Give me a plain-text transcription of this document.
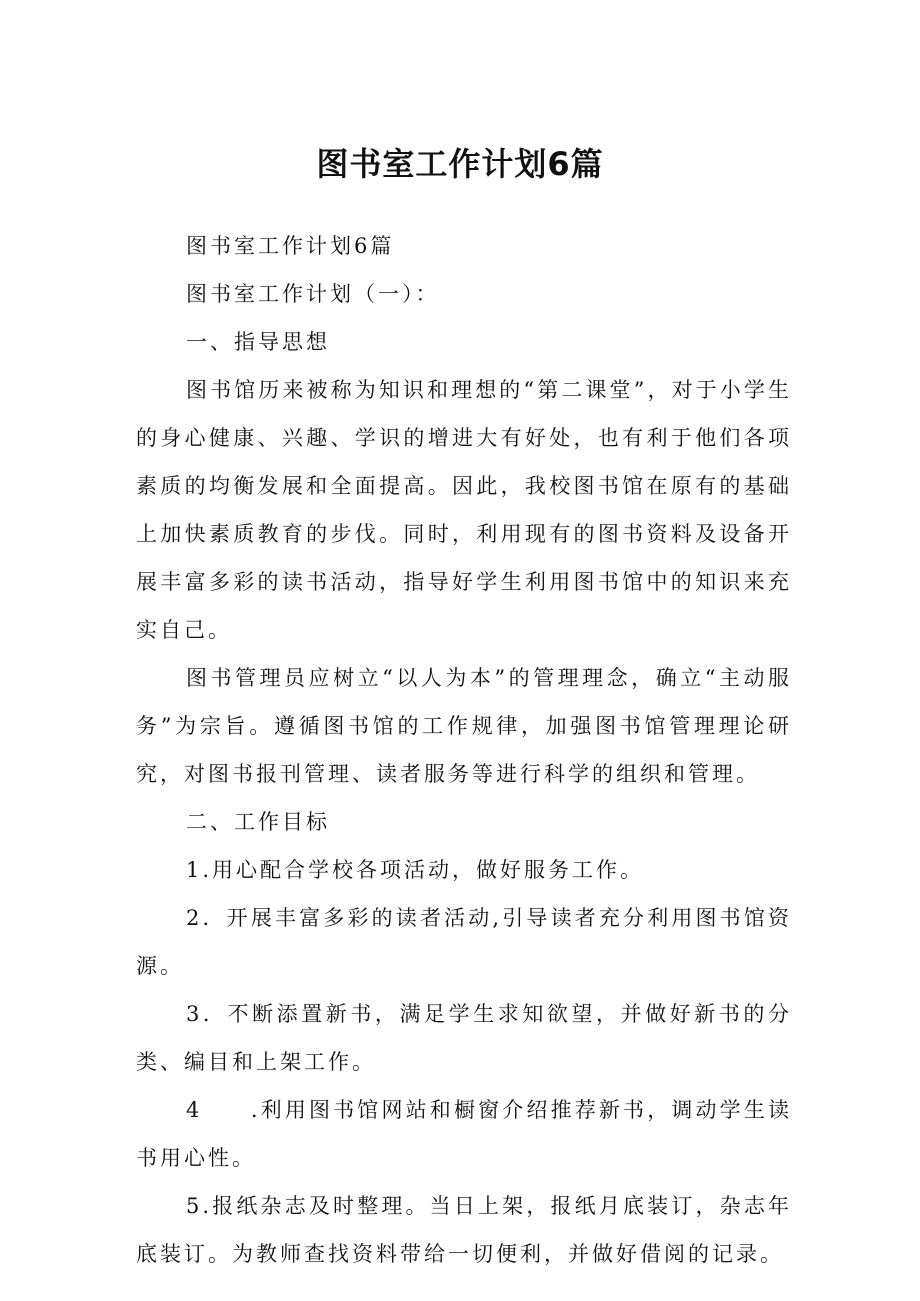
图书室工作计划6篇

图书室工作计划6篇

图书室工作计划（一）：

一、指导思想

图书馆历来被称为知识和理想的“第二课堂”，对于小学生的身心健康、兴趣、学识的增进大有好处，也有利于他们各项素质的均衡发展和全面提高。因此，我校图书馆在原有的基础上加快素质教育的步伐。同时，利用现有的图书资料及设备开展丰富多彩的读书活动，指导好学生利用图书馆中的知识来充实自己。

图书管理员应树立“以人为本”的管理理念，确立“主动服务”为宗旨。遵循图书馆的工作规律，加强图书馆管理理论研究，对图书报刊管理、读者服务等进行科学的组织和管理。

二、工作目标

1.用心配合学校各项活动，做好服务工作。

2．开展丰富多彩的读者活动,引导读者充分利用图书馆资源。

3．不断添置新书，满足学生求知欲望，并做好新书的分类、编目和上架工作。

4　　.利用图书馆网站和橱窗介绍推荐新书，调动学生读书用心性。

5.报纸杂志及时整理。当日上架，报纸月底装订，杂志年底装订。为教师查找资料带给一切便利，并做好借阅的记录。
